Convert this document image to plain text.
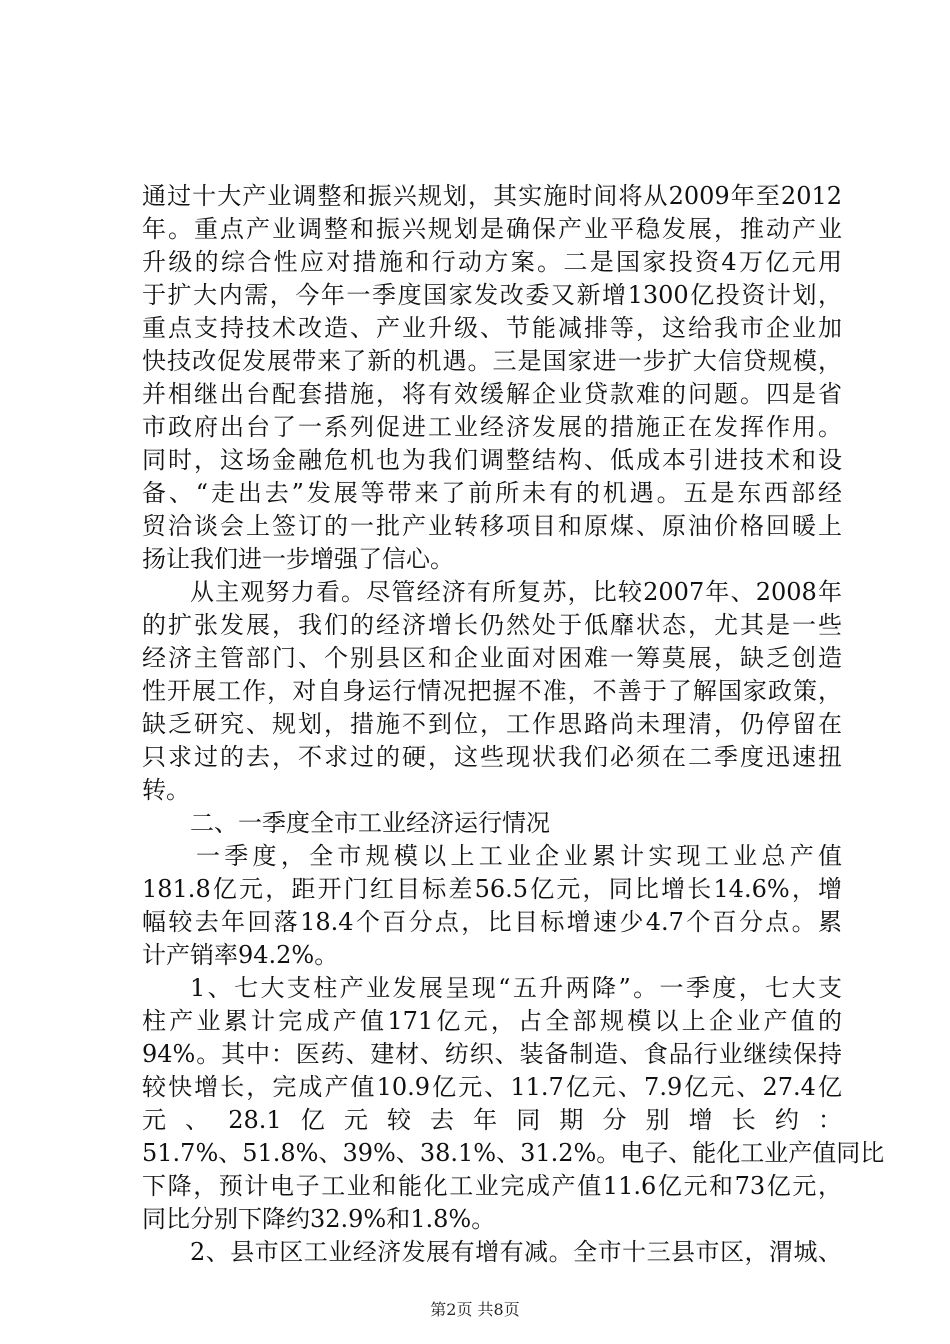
通过十大产业调整和振兴规划，其实施时间将从2009年至2012
年。重点产业调整和振兴规划是确保产业平稳发展，推动产业
升级的综合性应对措施和行动方案。二是国家投资4万亿元用
于扩大内需，今年一季度国家发改委又新增1300亿投资计划，
重点支持技术改造、产业升级、节能减排等，这给我市企业加
快技改促发展带来了新的机遇。三是国家进一步扩大信贷规模，
并相继出台配套措施，将有效缓解企业贷款难的问题。四是省
市政府出台了一系列促进工业经济发展的措施正在发挥作用。
同时，这场金融危机也为我们调整结构、低成本引进技术和设
备、“走出去”发展等带来了前所未有的机遇。五是东西部经
贸洽谈会上签订的一批产业转移项目和原煤、原油价格回暖上
扬让我们进一步增强了信心。
从主观努力看。尽管经济有所复苏，比较2007年、2008年
的扩张发展，我们的经济增长仍然处于低靡状态，尤其是一些
经济主管部门、个别县区和企业面对困难一筹莫展，缺乏创造
性开展工作，对自身运行情况把握不准，不善于了解国家政策，
缺乏研究、规划，措施不到位，工作思路尚未理清，仍停留在
只求过的去，不求过的硬，这些现状我们必须在二季度迅速扭
转。
二、一季度全市工业经济运行情况
一季度，全市规模以上工业企业累计实现工业总产值
181.8亿元，距开门红目标差56.5亿元，同比增长14.6%，增
幅较去年回落18.4个百分点，比目标增速少4.7个百分点。累
计产销率94.2%。
1、七大支柱产业发展呈现“五升两降”。一季度，七大支
柱产业累计完成产值171亿元，占全部规模以上企业产值的
94%。其中：医药、建材、纺织、装备制造、食品行业继续保持
较快增长，完成产值10.9亿元、11.7亿元、7.9亿元、27.4亿
元、28.1亿元较去年同期分别增长约：
51.7%、51.8%、39%、38.1%、31.2%。电子、能化工业产值同比
下降，预计电子工业和能化工业完成产值11.6亿元和73亿元，
同比分别下降约32.9%和1.8%。
2、县市区工业经济发展有增有减。全市十三县市区，渭城、
第2页 共8页
